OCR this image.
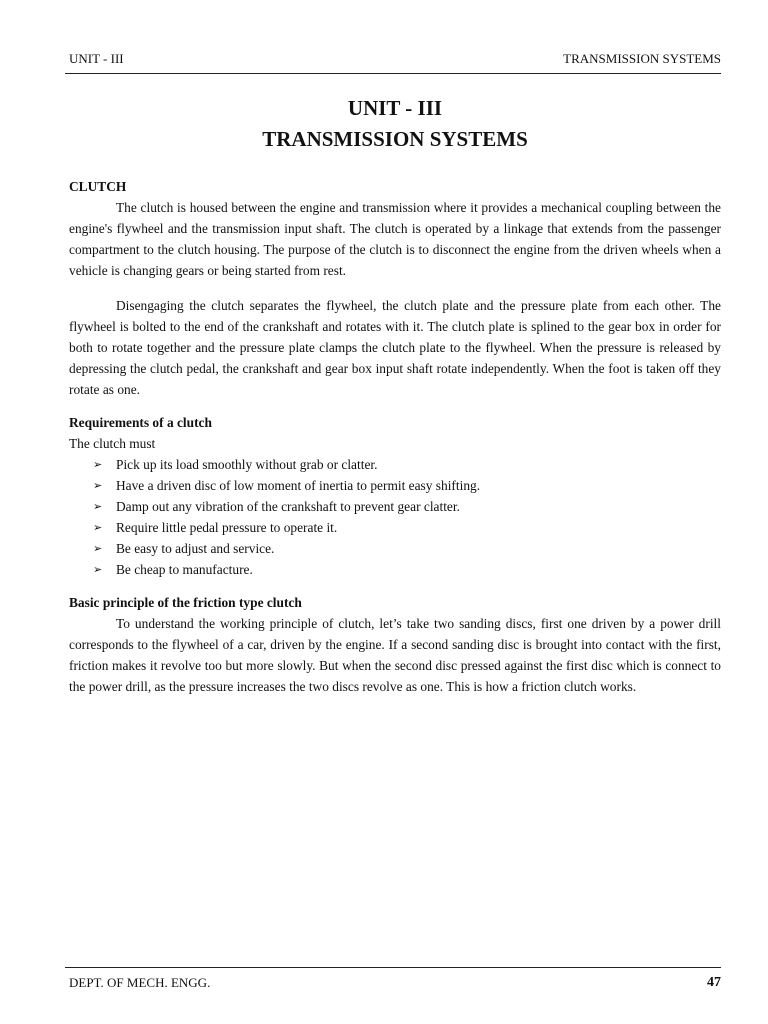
UNIT - III	TRANSMISSION SYSTEMS
UNIT - III
TRANSMISSION SYSTEMS

CLUTCH

The clutch is housed between the engine and transmission where it provides a mechanical coupling between the engine's flywheel and the transmission input shaft. The clutch is operated by a linkage that extends from the passenger compartment to the clutch housing. The purpose of the clutch is to disconnect the engine from the driven wheels when a vehicle is changing gears or being started from rest.

Disengaging the clutch separates the flywheel, the clutch plate and the pressure plate from each other. The flywheel is bolted to the end of the crankshaft and rotates with it. The clutch plate is splined to the gear box in order for both to rotate together and the pressure plate clamps the clutch plate to the flywheel. When the pressure is released by depressing the clutch pedal, the crankshaft and gear box input shaft rotate independently. When the foot is taken off they rotate as one.

Requirements of a clutch

The clutch must

➢ Pick up its load smoothly without grab or clatter.
➢ Have a driven disc of low moment of inertia to permit easy shifting.
➢ Damp out any vibration of the crankshaft to prevent gear clatter.
➢ Require little pedal pressure to operate it.
➢ Be easy to adjust and service.
➢ Be cheap to manufacture.

Basic principle of the friction type clutch

To understand the working principle of clutch, let’s take two sanding discs, first one driven by a power drill corresponds to the flywheel of a car, driven by the engine. If a second sanding disc is brought into contact with the first, friction makes it revolve too but more slowly. But when the second disc pressed against the first disc which is connect to the power drill, as the pressure increases the two discs revolve as one. This is how a friction clutch works.

DEPT. OF MECH. ENGG.	47
